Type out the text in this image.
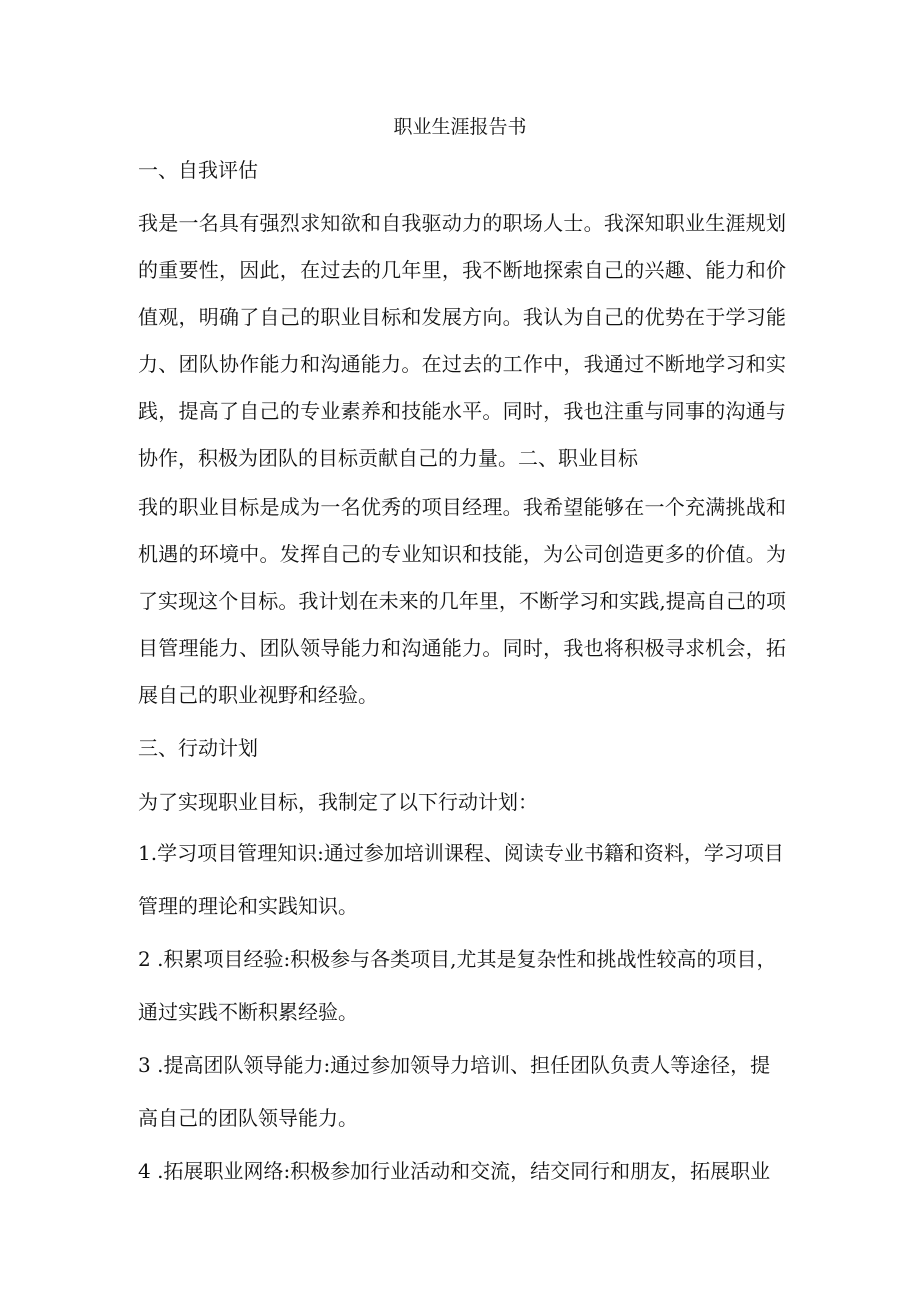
职业生涯报告书

一、自我评估

我是一名具有强烈求知欲和自我驱动力的职场人士。我深知职业生涯规划的重要性，因此，在过去的几年里，我不断地探索自己的兴趣、能力和价值观，明确了自己的职业目标和发展方向。我认为自己的优势在于学习能力、团队协作能力和沟通能力。在过去的工作中，我通过不断地学习和实践，提高了自己的专业素养和技能水平。同时，我也注重与同事的沟通与协作，积极为团队的目标贡献自己的力量。二、职业目标

我的职业目标是成为一名优秀的项目经理。我希望能够在一个充满挑战和机遇的环境中。发挥自己的专业知识和技能，为公司创造更多的价值。为了实现这个目标。我计划在未来的几年里，不断学习和实践,提高自己的项目管理能力、团队领导能力和沟通能力。同时，我也将积极寻求机会，拓展自己的职业视野和经验。

三、行动计划

为了实现职业目标，我制定了以下行动计划：

1.学习项目管理知识:通过参加培训课程、阅读专业书籍和资料，学习项目管理的理论和实践知识。

2 .积累项目经验:积极参与各类项目,尤其是复杂性和挑战性较高的项目，通过实践不断积累经验。

3 .提高团队领导能力:通过参加领导力培训、担任团队负责人等途径，提高自己的团队领导能力。

4 .拓展职业网络:积极参加行业活动和交流，结交同行和朋友，拓展职业
